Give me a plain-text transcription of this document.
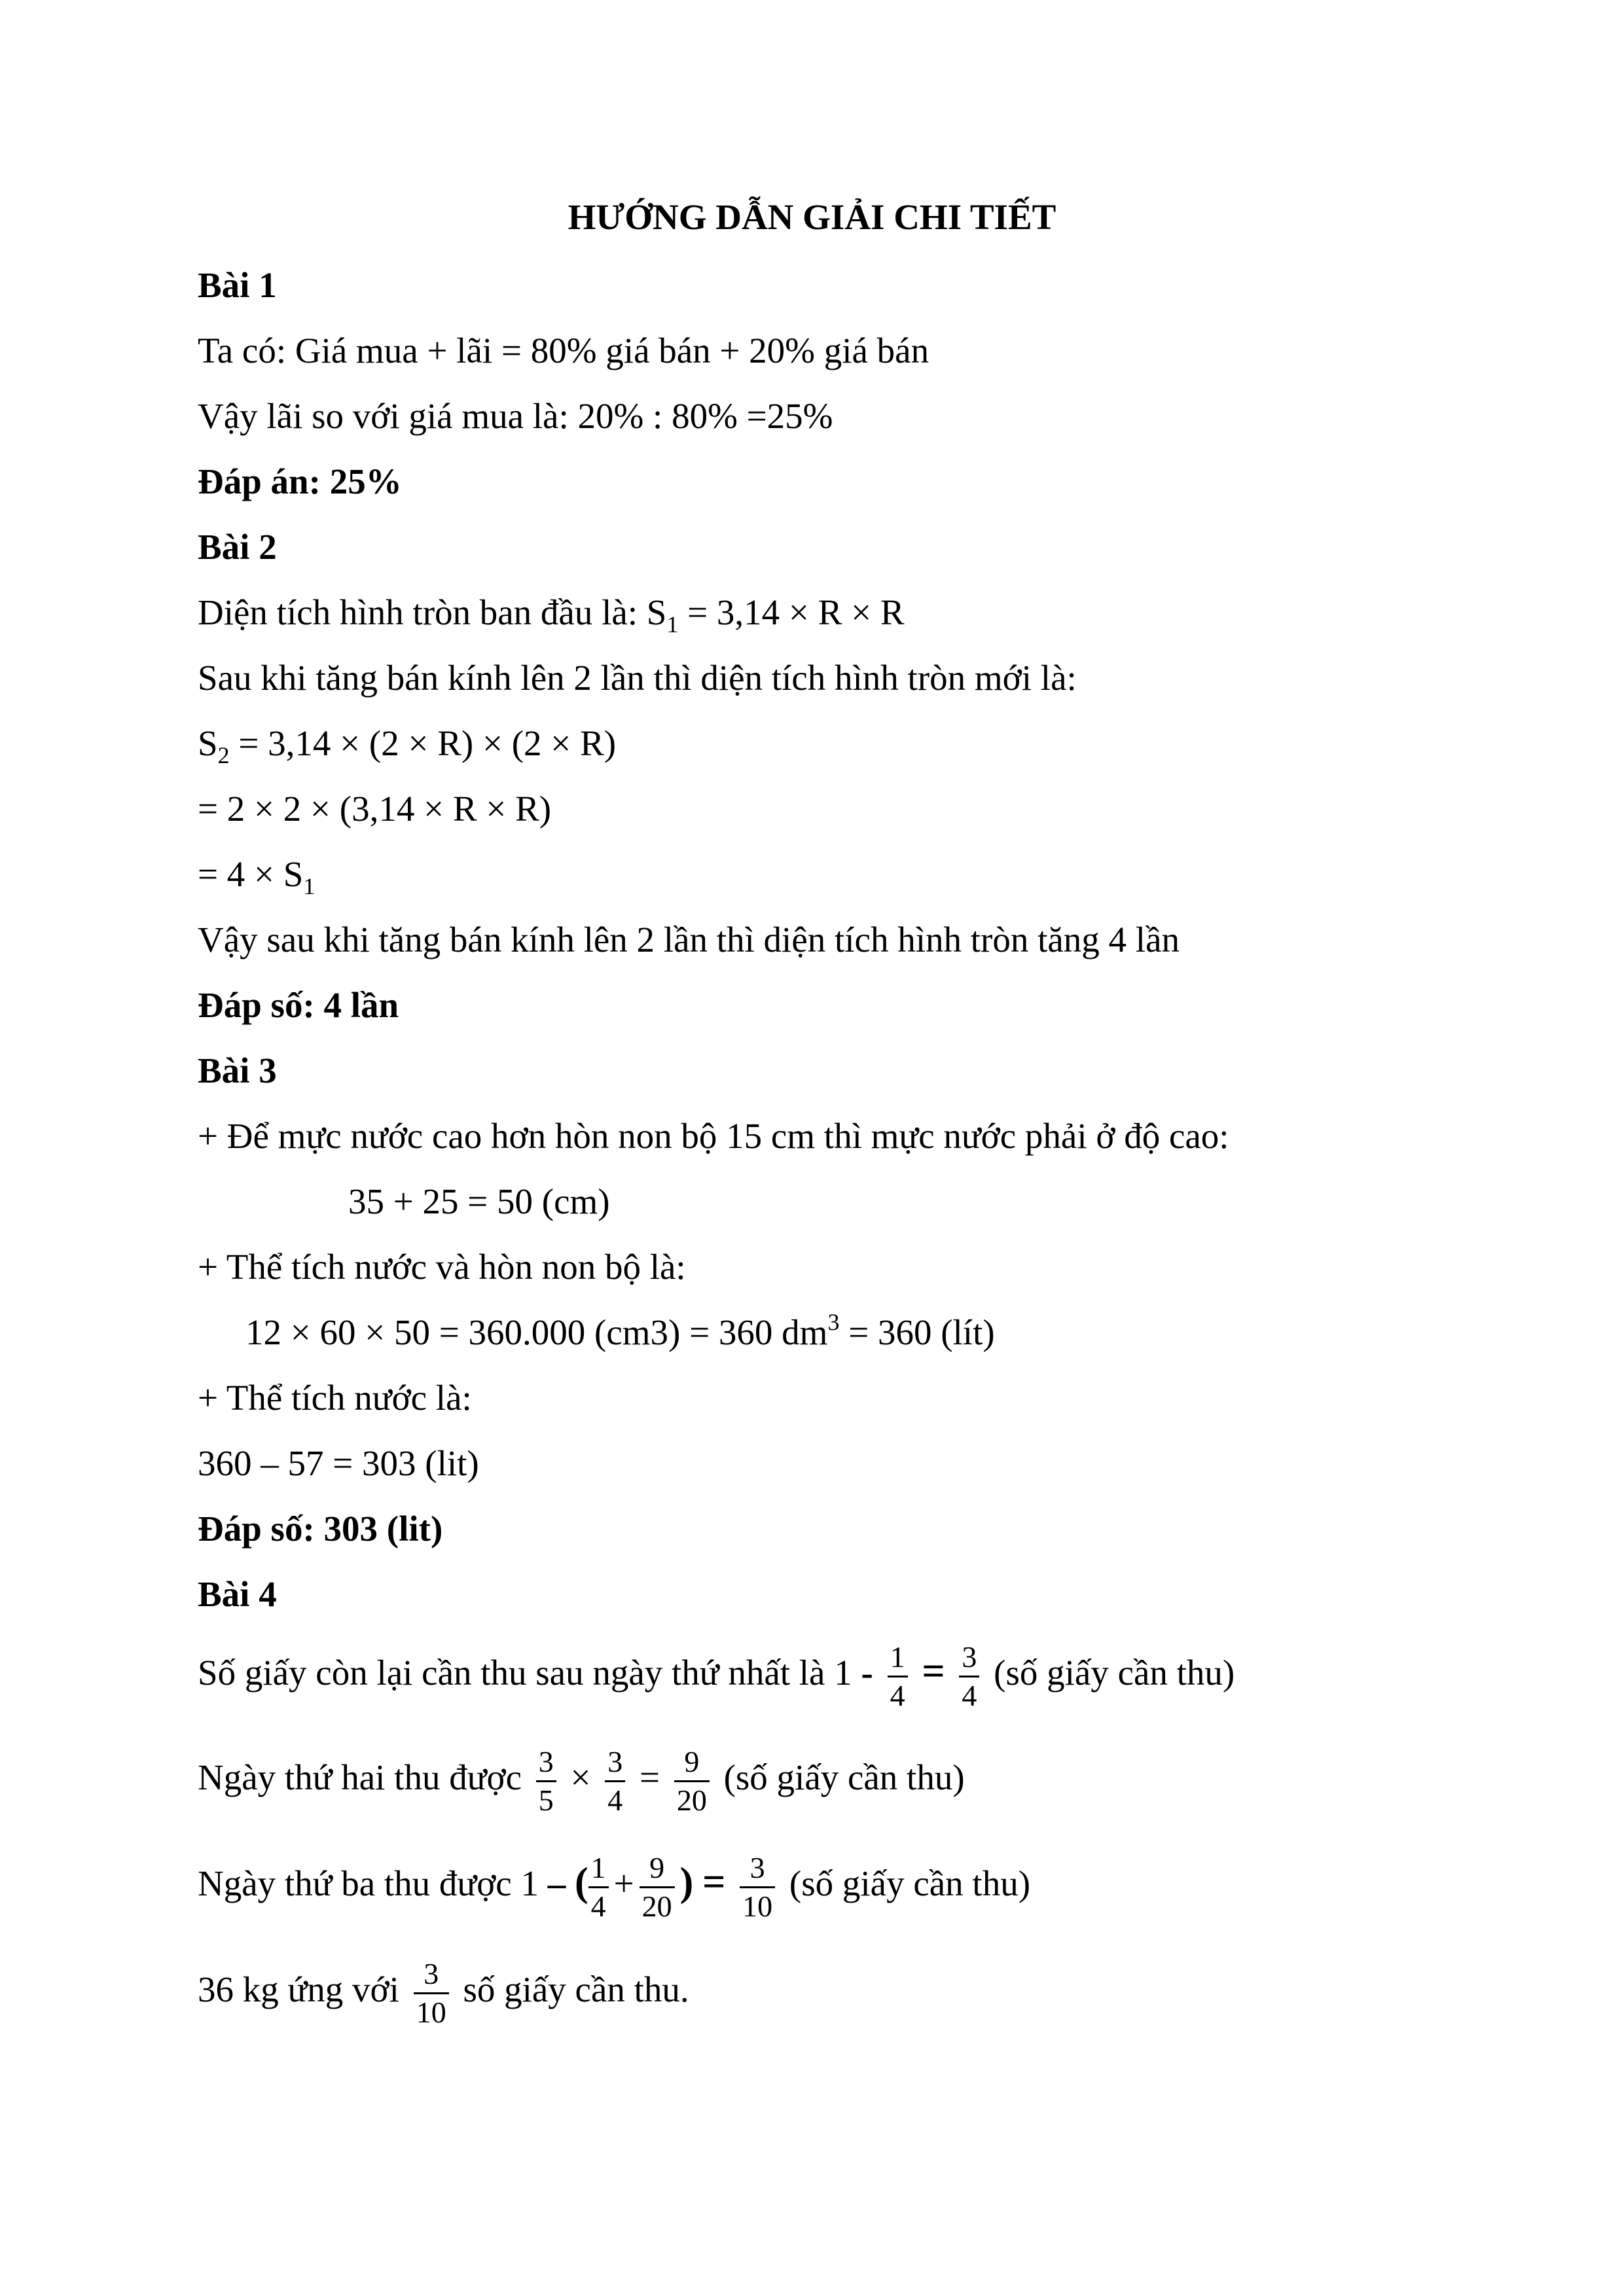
HƯỚNG DẪN GIẢI CHI TIẾT
Bài 1
Ta có: Giá mua + lãi = 80% giá bán + 20% giá bán
Vậy lãi so với giá mua là: 20% : 80% =25%
Đáp án: 25%
Bài 2
Diện tích hình tròn ban đầu là: $S_1 = 3,14 \times R \times R$
Sau khi tăng bán kính lên 2 lần thì diện tích hình tròn mới là:
$S_2 = 3,14 \times (2 \times R) \times (2 \times R)$
= 2 × 2 × (3,14 × R × R)
= $4 \times S_1$
Vậy sau khi tăng bán kính lên 2 lần thì diện tích hình tròn tăng 4 lần
Đáp số: 4 lần
Bài 3
+ Để mực nước cao hơn hòn non bộ 15 cm thì mực nước phải ở độ cao:
35 + 25 = 50 (cm)
+ Thể tích nước và hòn non bộ là:
12 × 60 × 50 = 360.000 (cm3) = 360 $dm^3 = 360$ (lít)
+ Thể tích nước là:
360 – 57 = 303 (lit)
Đáp số: 303 (lit)
Bài 4
Số giấy còn lại cần thu sau ngày thứ nhất là $1 - \frac{1}{4} = \frac{3}{4}$ (số giấy cần thu)
Ngày thứ hai thu được $\frac{3}{5} \times \frac{3}{4} = \frac{9}{20}$ (số giấy cần thu)
Ngày thứ ba thu được 1 – ( $\frac{1}{4} + \frac{9}{20}$ ) = $\frac{3}{10}$ (số giấy cần thu)
36 kg ứng với $\frac{3}{10}$ số giấy cần thu.
